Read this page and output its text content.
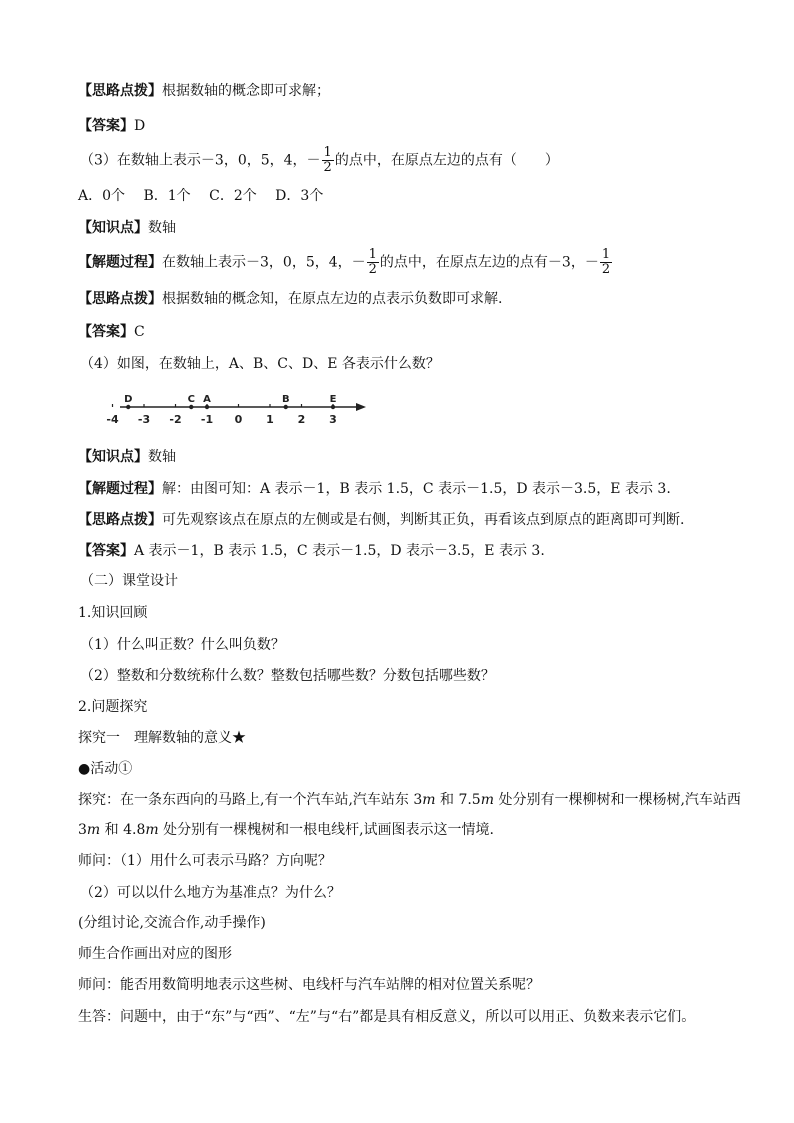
【思路点拨】根据数轴的概念即可求解；
【答案】D
（3）在数轴上表示－3，0，5，4，－ $\frac{1}{2}$ 的点中，在原点左边的点有（　　）
A．0个　 B．1个　 C．2个　 D．3个
【知识点】数轴
【解题过程】在数轴上表示－3，0，5，4，－ $\frac{1}{2}$ 的点中，在原点左边的点有－3，－ $\frac{1}{2}$
【思路点拨】根据数轴的概念知，在原点左边的点表示负数即可求解.
【答案】C
（4）如图，在数轴上，A、B、C、D、E 各表示什么数？
-4 -3 -2 -1 0 1 2 3
D	C A	B	E
【知识点】数轴
【解题过程】解：由图可知：A 表示－1，B 表示 1.5，C 表示－1.5，D 表示－3.5，E 表示 3.
【思路点拨】可先观察该点在原点的左侧或是右侧，判断其正负，再看该点到原点的距离即可判断.
【答案】A 表示－1，B 表示 1.5，C 表示－1.5，D 表示－3.5，E 表示 3.
（二）课堂设计
1.知识回顾
（1）什么叫正数？什么叫负数？
（2）整数和分数统称什么数？整数包括哪些数？分数包括哪些数？
2.问题探究
探究一　理解数轴的意义★
●活动①
探究：在一条东西向的马路上,有一个汽车站,汽车站东 3m 和 7.5m 处分别有一棵柳树和一棵杨树,汽车站西
3m 和 4.8m 处分别有一棵槐树和一根电线杆,试画图表示这一情境.
师问：（1）用什么可表示马路？方向呢？
（2）可以以什么地方为基准点？为什么？
(分组讨论,交流合作,动手操作)
师生合作画出对应的图形
师问：能否用数简明地表示这些树、电线杆与汽车站牌的相对位置关系呢？
生答：问题中，由于“东”与“西”、“左”与“右”都是具有相反意义，所以可以用正、负数来表示它们。
